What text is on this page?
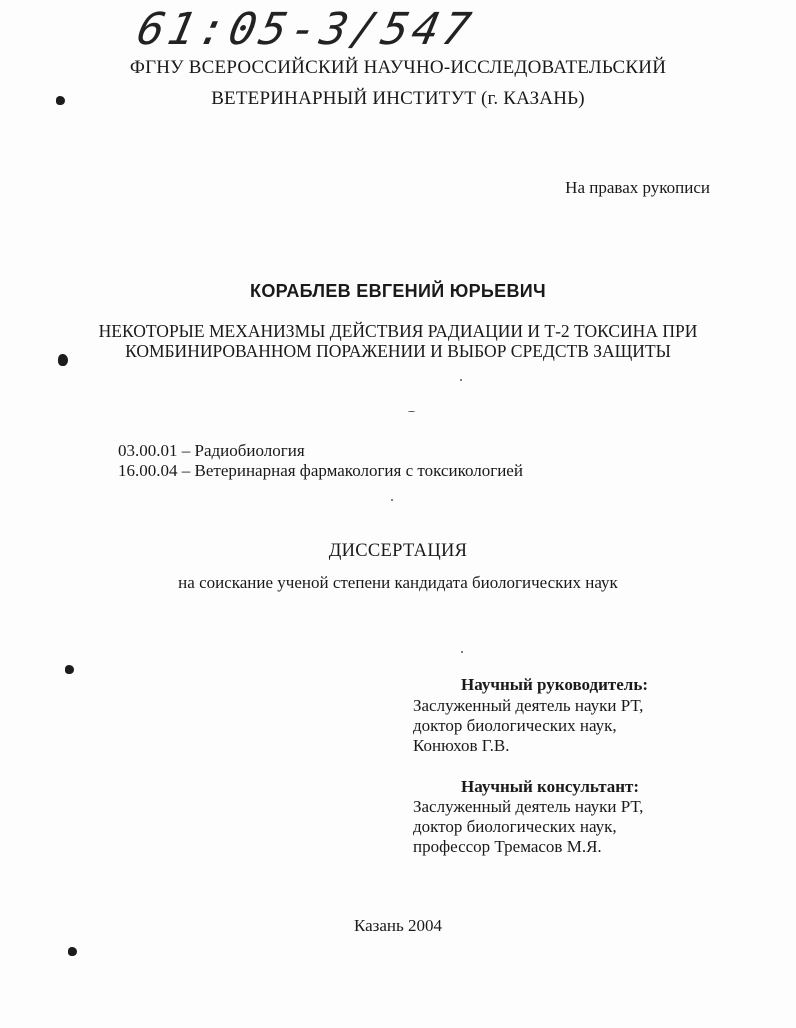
61:05-3/547
ФГНУ ВСЕРОССИЙСКИЙ НАУЧНО-ИССЛЕДОВАТЕЛЬСКИЙ
ВЕТЕРИНАРНЫЙ ИНСТИТУТ (г. КАЗАНЬ)
На правах рукописи
КОРАБЛЕВ ЕВГЕНИЙ ЮРЬЕВИЧ
НЕКОТОРЫЕ МЕХАНИЗМЫ ДЕЙСТВИЯ РАДИАЦИИ И Т-2 ТОКСИНА ПРИ
КОМБИНИРОВАННОМ ПОРАЖЕНИИ И ВЫБОР СРЕДСТВ ЗАЩИТЫ
03.00.01 – Радиобиология
16.00.04 – Ветеринарная фармакология с токсикологией
ДИССЕРТАЦИЯ
на соискание ученой степени кандидата биологических наук
Научный руководитель:
Заслуженный деятель науки РТ,
доктор биологических наук,
Конюхов Г.В.
Научный консультант:
Заслуженный деятель науки РТ,
доктор биологических наук,
профессор Тремасов М.Я.
Казань 2004
